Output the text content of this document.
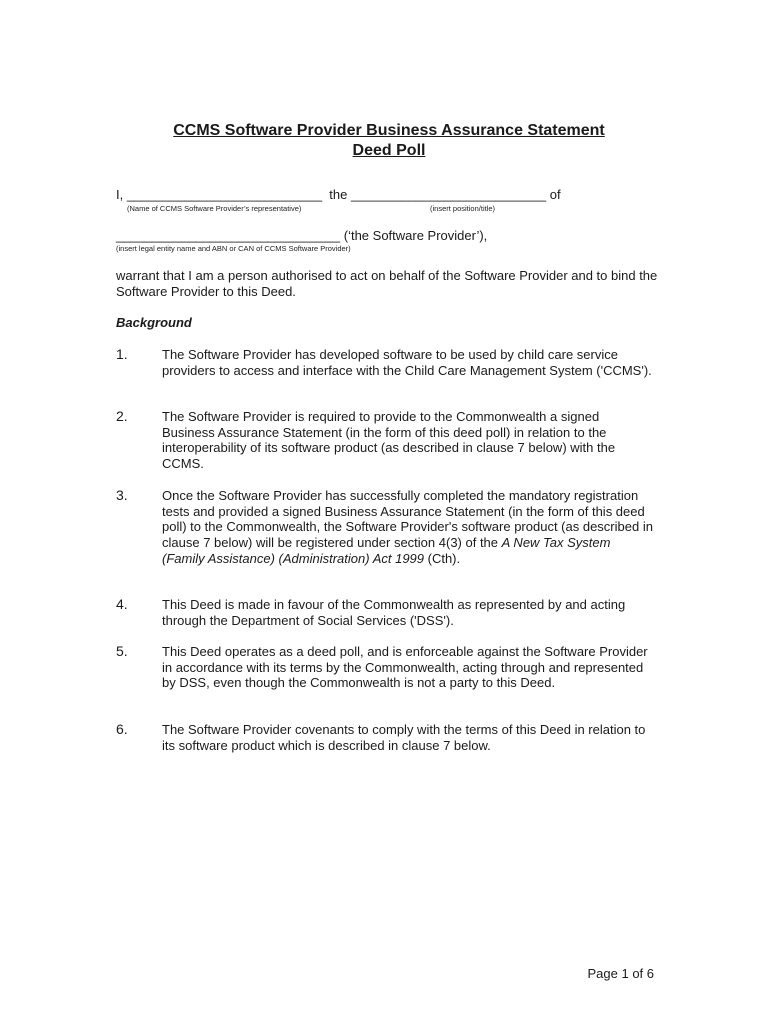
CCMS Software Provider Business Assurance Statement
Deed Poll
I, ___________________________  the ___________________________ of
(Name of CCMS Software Provider’s representative)	(insert position/title)
_______________________________ (‘the Software Provider’),
(insert legal entity name and ABN or CAN of CCMS Software Provider)
warrant that I am a person authorised to act on behalf of the Software Provider and to bind the Software Provider to this Deed.
Background
1.	The Software Provider has developed software to be used by child care service providers to access and interface with the Child Care Management System ('CCMS').
2.	The Software Provider is required to provide to the Commonwealth a signed Business Assurance Statement (in the form of this deed poll) in relation to the interoperability of its software product (as described in clause 7 below) with the CCMS.
3.	Once the Software Provider has successfully completed the mandatory registration tests and provided a signed Business Assurance Statement (in the form of this deed poll) to the Commonwealth, the Software Provider's software product (as described in clause 7 below) will be registered under section 4(3) of the A New Tax System (Family Assistance) (Administration) Act 1999 (Cth).
4.	This Deed is made in favour of the Commonwealth as represented by and acting through the Department of Social Services ('DSS').
5.	This Deed operates as a deed poll, and is enforceable against the Software Provider in accordance with its terms by the Commonwealth, acting through and represented by DSS, even though the Commonwealth is not a party to this Deed.
6.	The Software Provider covenants to comply with the terms of this Deed in relation to its software product which is described in clause 7 below.
Page 1 of 6
